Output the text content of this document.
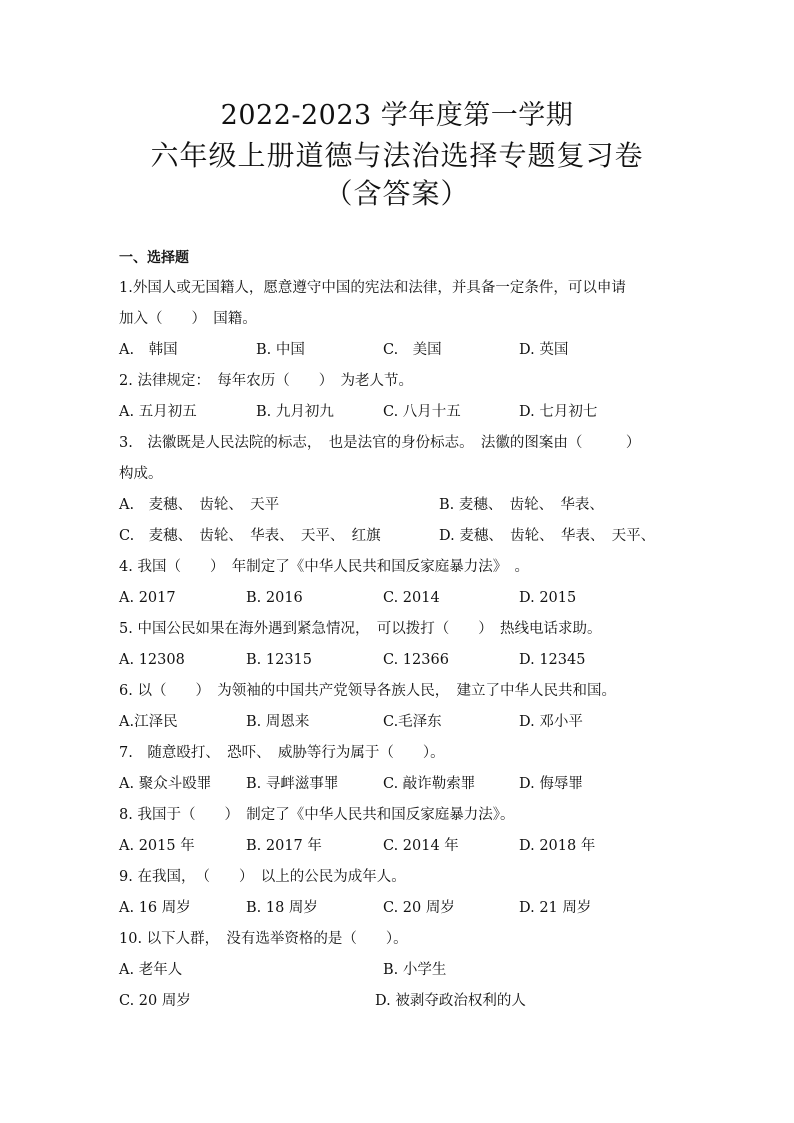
2022-2023 学年度第一学期
六年级上册道德与法治选择专题复习卷
（含答案）
一、选择题
1.外国人或无国籍人，愿意遵守中国的宪法和法律，并具备一定条件，可以申请
加入（　　）　国籍。
A.　韩国	B. 中国	C.　美国	D. 英国
2. 法律规定：　每年农历（　　）　为老人节。
A. 五月初五	B. 九月初九	C. 八月十五	D. 七月初七
3.　法徽既是人民法院的标志，　也是法官的身份标志。　法徽的图案由（　　　）
构成。
A.　麦穗、　齿轮、　天平	B. 麦穗、　齿轮、　华表、
C.　麦穗、　齿轮、　华表、　天平、　红旗	D. 麦穗、　齿轮、　华表、　天平、
4. 我国（　　）　年制定了《中华人民共和国反家庭暴力法》　。
A. 2017	B. 2016	C. 2014	D. 2015
5. 中国公民如果在海外遇到紧急情况，　可以拨打（　　）　热线电话求助。
A. 12308	B. 12315	C. 12366	D. 12345
6. 以（　　）　为领袖的中国共产党领导各族人民，　建立了中华人民共和国。
A.江泽民	B. 周恩来	C.毛泽东	D. 邓小平
7.　随意殴打、　恐吓、　威胁等行为属于（　　）。
A. 聚众斗殴罪 B. 寻衅滋事罪	C. 敲诈勒索罪	D. 侮辱罪
8. 我国于（　　）　制定了《中华人民共和国反家庭暴力法》。
A. 2015 年	B. 2017 年	C. 2014 年	D. 2018 年
9. 在我国，　（　　）　以上的公民为成年人。
A. 16 周岁	B. 18 周岁	C. 20 周岁	D. 21 周岁
10. 以下人群，　没有选举资格的是（　　）。
A. 老年人	B. 小学生
C. 20 周岁	D. 被剥夺政治权利的人
